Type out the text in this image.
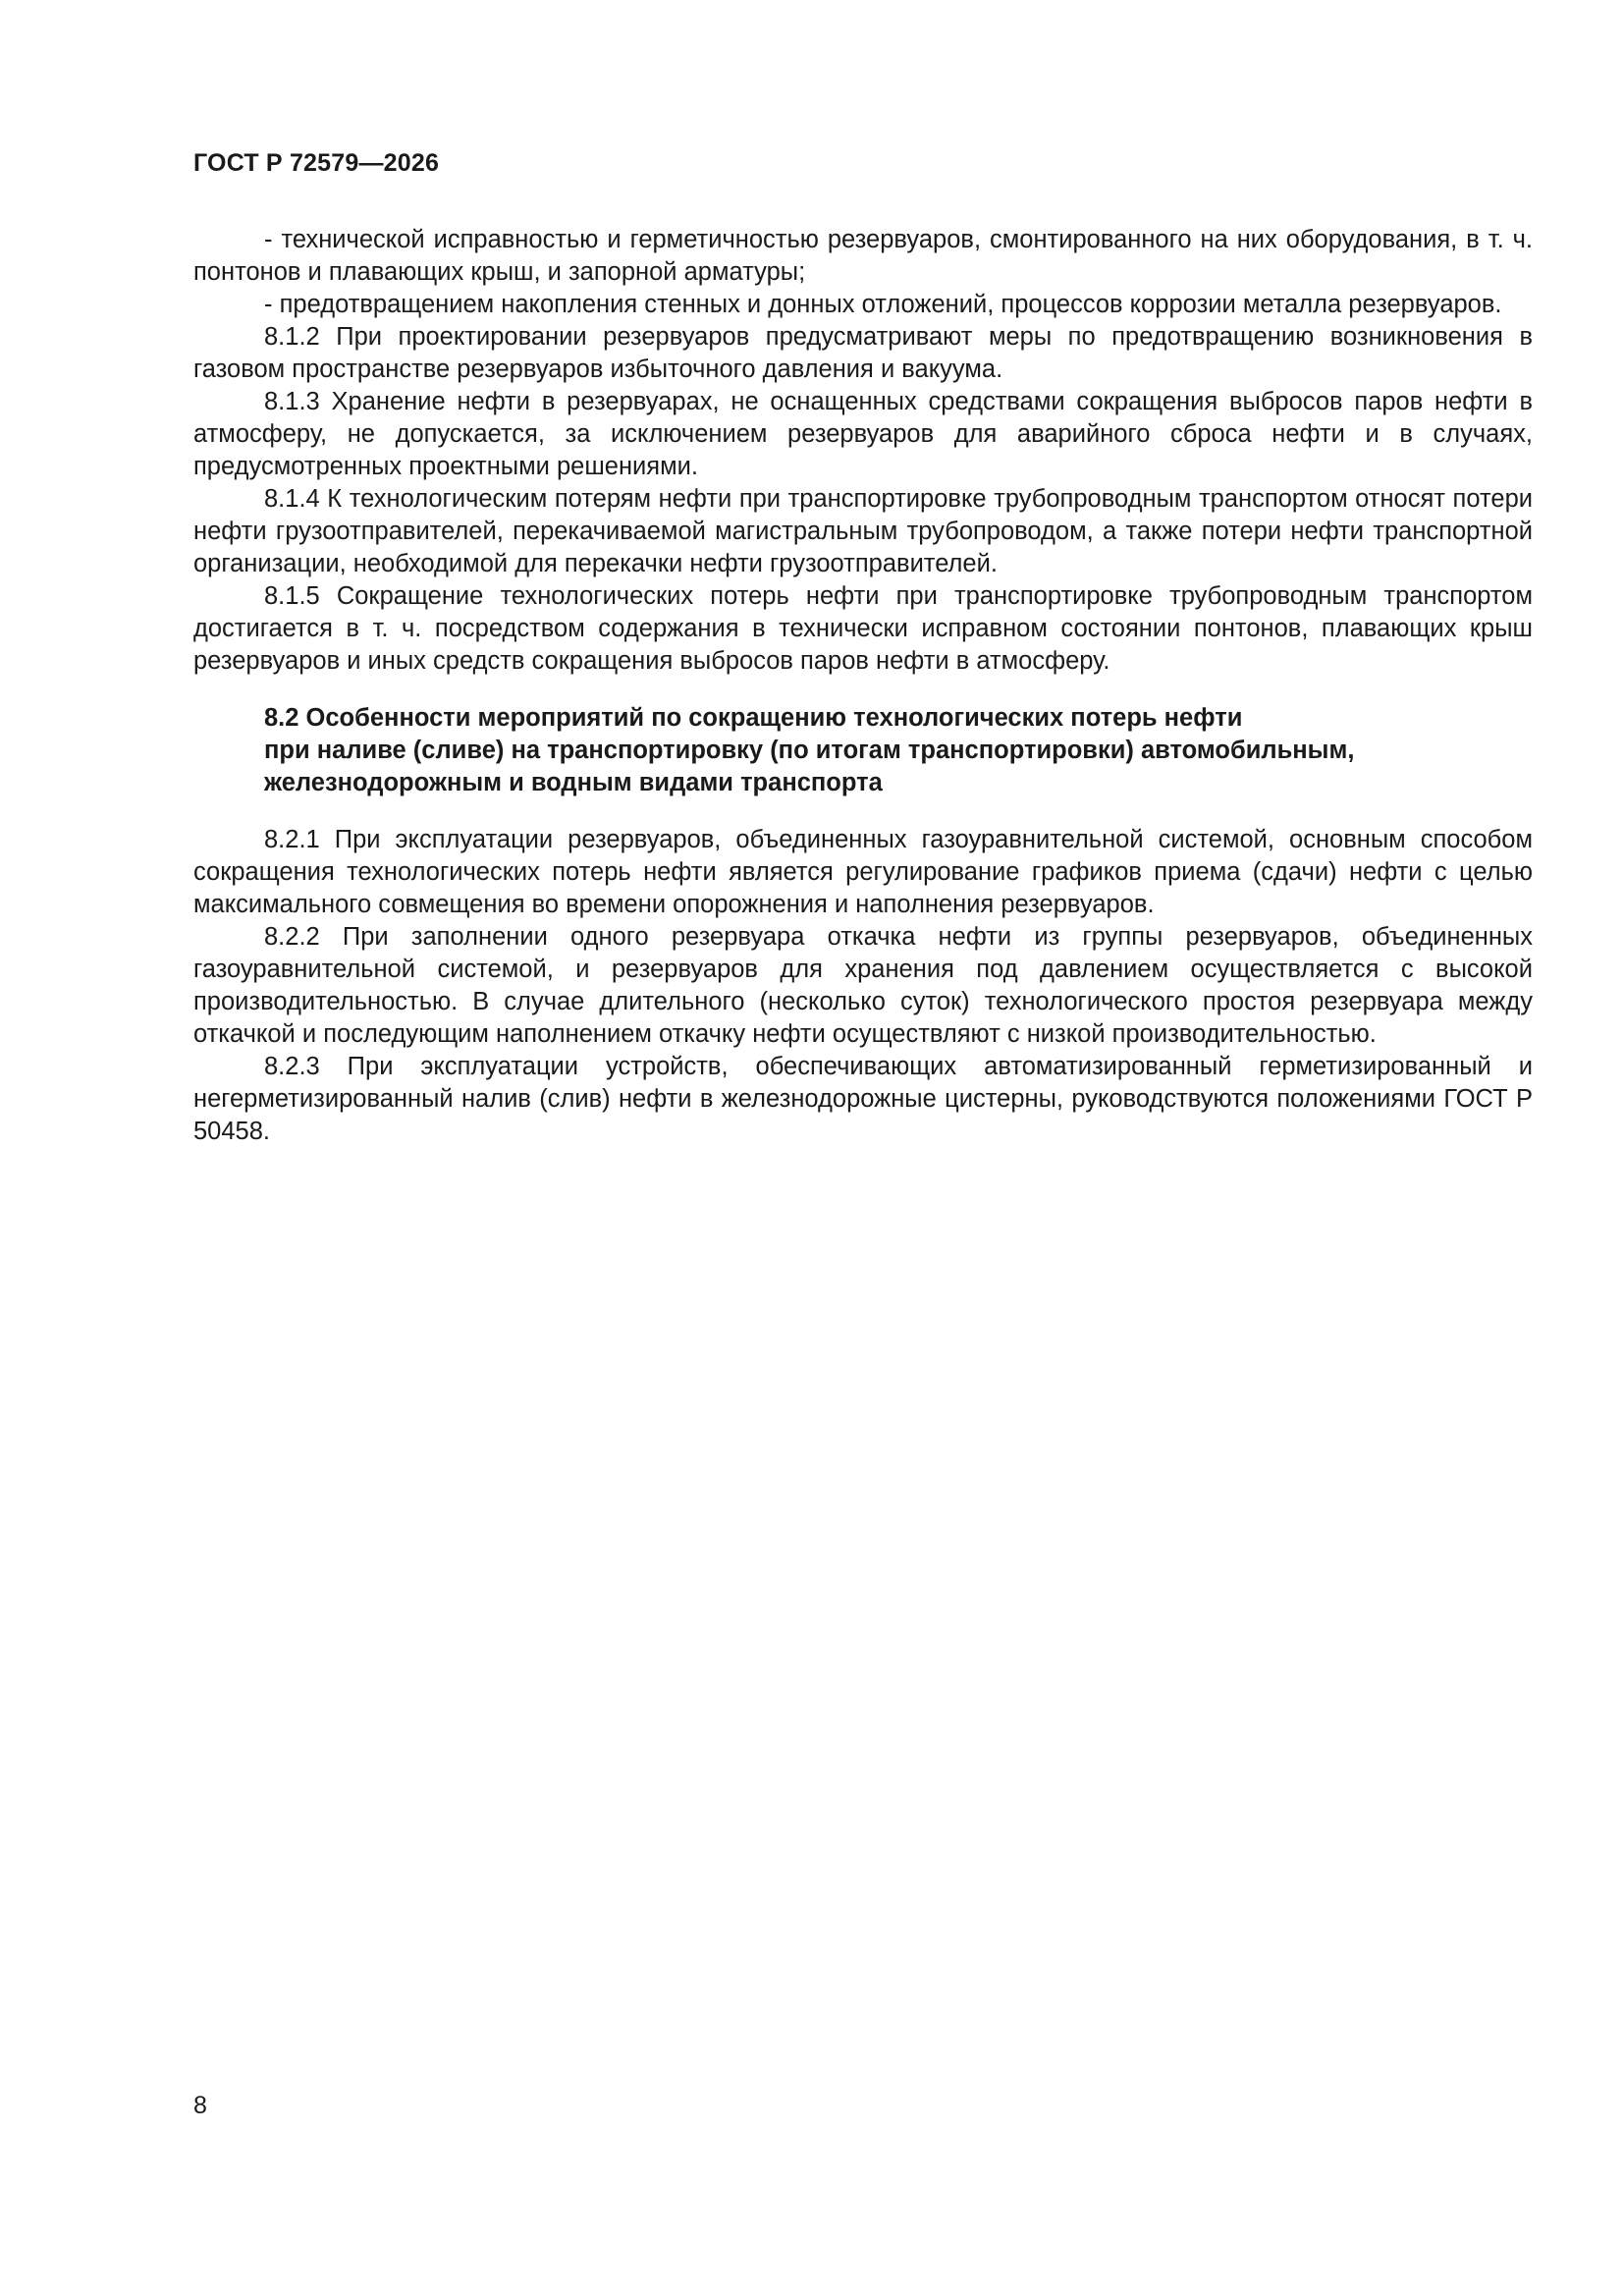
ГОСТ Р 72579—2026

- технической исправностью и герметичностью резервуаров, смонтированного на них оборудования, в т. ч. понтонов и плавающих крыш, и запорной арматуры;

- предотвращением накопления стенных и донных отложений, процессов коррозии металла резервуаров.

8.1.2 При проектировании резервуаров предусматривают меры по предотвращению возникновения в газовом пространстве резервуаров избыточного давления и вакуума.

8.1.3 Хранение нефти в резервуарах, не оснащенных средствами сокращения выбросов паров нефти в атмосферу, не допускается, за исключением резервуаров для аварийного сброса нефти и в случаях, предусмотренных проектными решениями.

8.1.4 К технологическим потерям нефти при транспортировке трубопроводным транспортом относят потери нефти грузоотправителей, перекачиваемой магистральным трубопроводом, а также потери нефти транспортной организации, необходимой для перекачки нефти грузоотправителей.

8.1.5 Сокращение технологических потерь нефти при транспортировке трубопроводным транспортом достигается в т. ч. посредством содержания в технически исправном состоянии понтонов, плавающих крыш резервуаров и иных средств сокращения выбросов паров нефти в атмосферу.

8.2 Особенности мероприятий по сокращению технологических потерь нефти
при наливе (сливе) на транспортировку (по итогам транспортировки) автомобильным,
железнодорожным и водным видами транспорта

8.2.1 При эксплуатации резервуаров, объединенных газоуравнительной системой, основным способом сокращения технологических потерь нефти является регулирование графиков приема (сдачи) нефти с целью максимального совмещения во времени опорожнения и наполнения резервуаров.

8.2.2 При заполнении одного резервуара откачка нефти из группы резервуаров, объединенных газоуравнительной системой, и резервуаров для хранения под давлением осуществляется с высокой производительностью. В случае длительного (несколько суток) технологического простоя резервуара между откачкой и последующим наполнением откачку нефти осуществляют с низкой производительностью.

8.2.3 При эксплуатации устройств, обеспечивающих автоматизированный герметизированный и негерметизированный налив (слив) нефти в железнодорожные цистерны, руководствуются положениями ГОСТ Р 50458.

8
